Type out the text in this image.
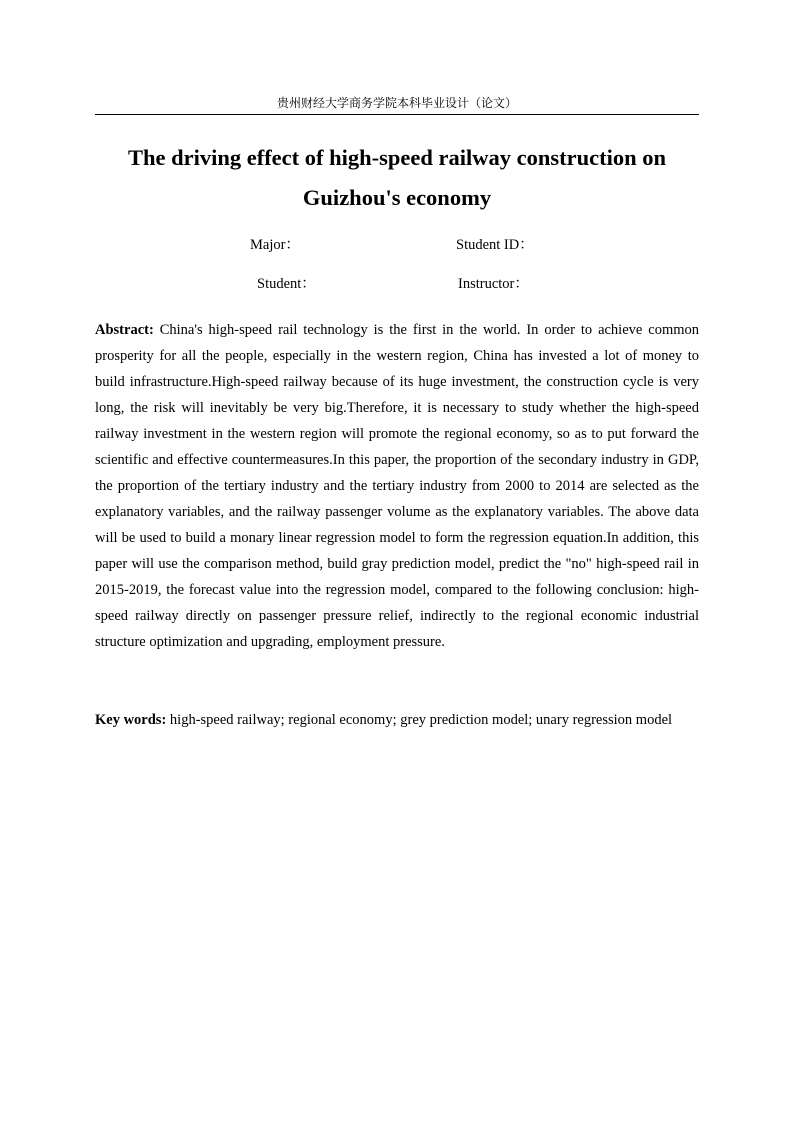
贵州财经大学商务学院本科毕业设计（论文）
The driving effect of high-speed railway construction on
Guizhou's economy
Major：	Student ID：
Student：	Instructor：

Abstract: China's high-speed rail technology is the first in the world. In order to achieve common prosperity for all the people, especially in the western region, China has invested a lot of money to build infrastructure.High-speed railway because of its huge investment, the construction cycle is very long, the risk will inevitably be very big.Therefore, it is necessary to study whether the high-speed railway investment in the western region will promote the regional economy, so as to put forward the scientific and effective countermeasures.In this paper, the proportion of the secondary industry in GDP, the proportion of the tertiary industry and the tertiary industry from 2000 to 2014 are selected as the explanatory variables, and the railway passenger volume as the explanatory variables. The above data will be used to build a monary linear regression model to form the regression equation.In addition, this paper will use the comparison method, build gray prediction model, predict the "no" high-speed rail in 2015-2019, the forecast value into the regression model, compared to the following conclusion: high-speed railway directly on passenger pressure relief, indirectly to the regional economic industrial structure optimization and upgrading, employment pressure.

Key words: high-speed railway; regional economy; grey prediction model; unary regression model
